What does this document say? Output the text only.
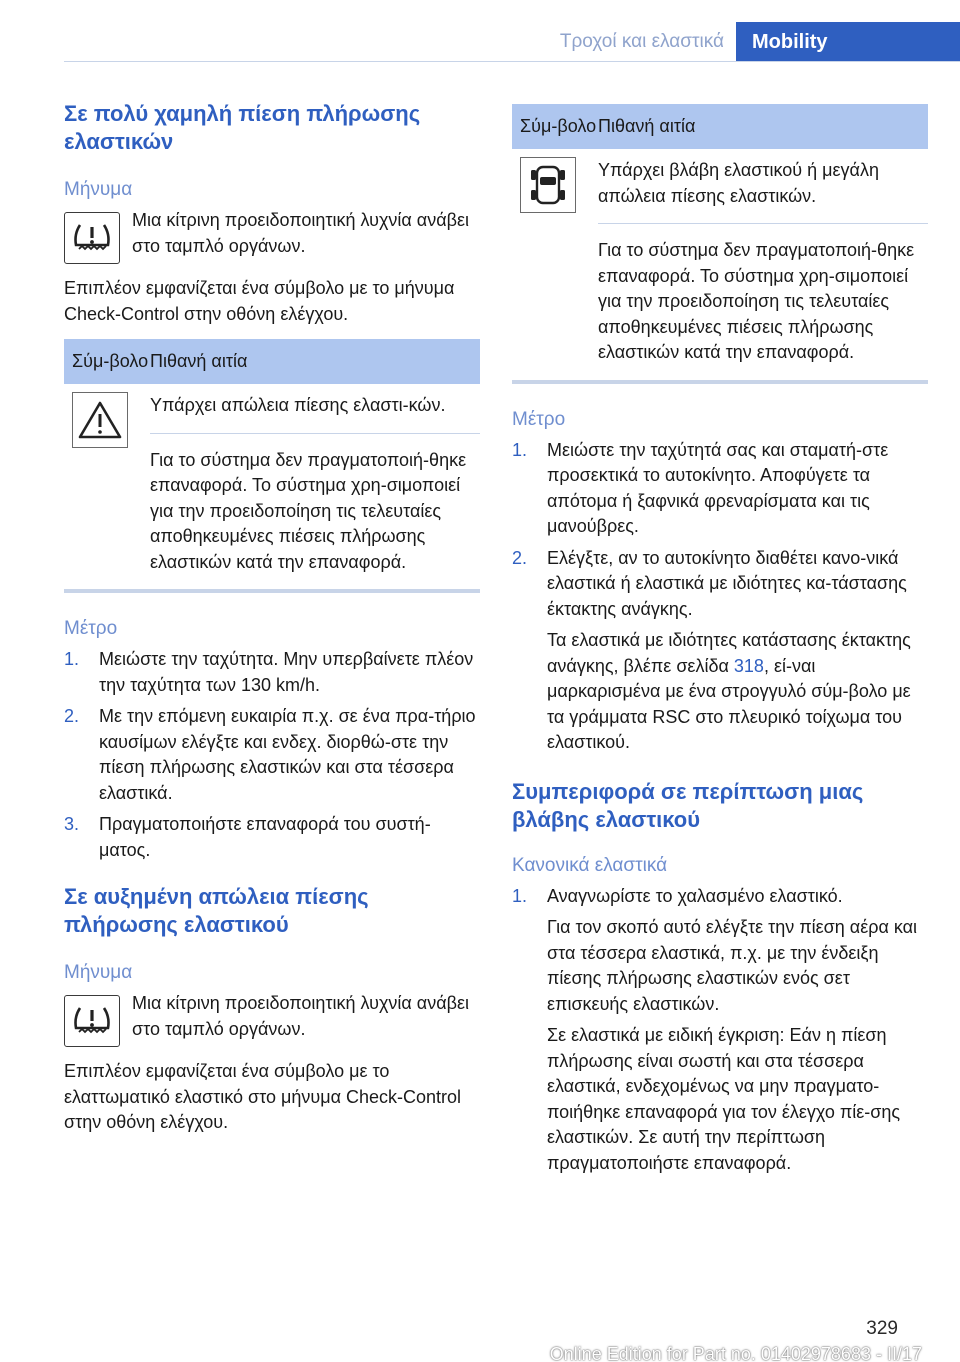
Τροχοί και ελαστικά Mobility
Σε πολύ χαμηλή πίεση πλήρωσης ελαστικών
Μήνυμα
Μια κίτρινη προειδοποιητική λυχνία ανάβει στο ταμπλό οργάνων.
Επιπλέον εμφανίζεται ένα σύμβολο με το μήνυμα Check-Control στην οθόνη ελέγχου.
Σύμ-βολο Πιθανή αιτία
Υπάρχει απώλεια πίεσης ελαστι-κών.
Για το σύστημα δεν πραγματοποιή-θηκε επαναφορά. Το σύστημα χρη-σιμοποιεί για την προειδοποίηση τις τελευταίες αποθηκευμένες πιέσεις πλήρωσης ελαστικών κατά την επαναφορά.
Μέτρο
1.	Μειώστε την ταχύτητα. Μην υπερβαίνετε πλέον την ταχύτητα των 130 km/h.
2.	Με την επόμενη ευκαιρία π.χ. σε ένα πρα-τήριο καυσίμων ελέγξτε και ενδεχ. διορθώ-στε την πίεση πλήρωσης ελαστικών και στα τέσσερα ελαστικά.
3.	Πραγματοποιήστε επαναφορά του συστή-ματος.
Σε αυξημένη απώλεια πίεσης πλήρωσης ελαστικού
Μήνυμα
Μια κίτρινη προειδοποιητική λυχνία ανάβει στο ταμπλό οργάνων.
Επιπλέον εμφανίζεται ένα σύμβολο με το ελαττωματικό ελαστικό στο μήνυμα Check-Control στην οθόνη ελέγχου.
Σύμ-βολο Πιθανή αιτία
Υπάρχει βλάβη ελαστικού ή μεγάλη απώλεια πίεσης ελαστικών.
Για το σύστημα δεν πραγματοποιή-θηκε επαναφορά. Το σύστημα χρη-σιμοποιεί για την προειδοποίηση τις τελευταίες αποθηκευμένες πιέσεις πλήρωσης ελαστικών κατά την επαναφορά.
Μέτρο
1.	Μειώστε την ταχύτητά σας και σταματή-στε προσεκτικά το αυτοκίνητο. Αποφύγετε τα απότομα ή ξαφνικά φρεναρίσματα και τις μανούβρες.
2.	Ελέγξτε, αν το αυτοκίνητο διαθέτει κανο-νικά ελαστικά ή ελαστικά με ιδιότητες κα-τάστασης έκτακτης ανάγκης.
Τα ελαστικά με ιδιότητες κατάστασης έκτακτης ανάγκης, βλέπε σελίδα 318, εί-ναι μαρκαρισμένα με ένα στρογγυλό σύμ-βολο με τα γράμματα RSC στο πλευρικό τοίχωμα του ελαστικού.
Συμπεριφορά σε περίπτωση μιας βλάβης ελαστικού
Κανονικά ελαστικά
1.	Αναγνωρίστε το χαλασμένο ελαστικό.
Για τον σκοπό αυτό ελέγξτε την πίεση αέρα και στα τέσσερα ελαστικά, π.χ. με την ένδειξη πίεσης πλήρωσης ελαστικών ενός σετ επισκευής ελαστικών.
Σε ελαστικά με ειδική έγκριση: Εάν η πίεση πλήρωσης είναι σωστή και στα τέσσερα ελαστικά, ενδεχομένως να μην πραγματο-ποιήθηκε επαναφορά για τον έλεγχο πίε-σης ελαστικών. Σε αυτή την περίπτωση πραγματοποιήστε επαναφορά.
329
Online Edition for Part no. 01402978683 - II/17
